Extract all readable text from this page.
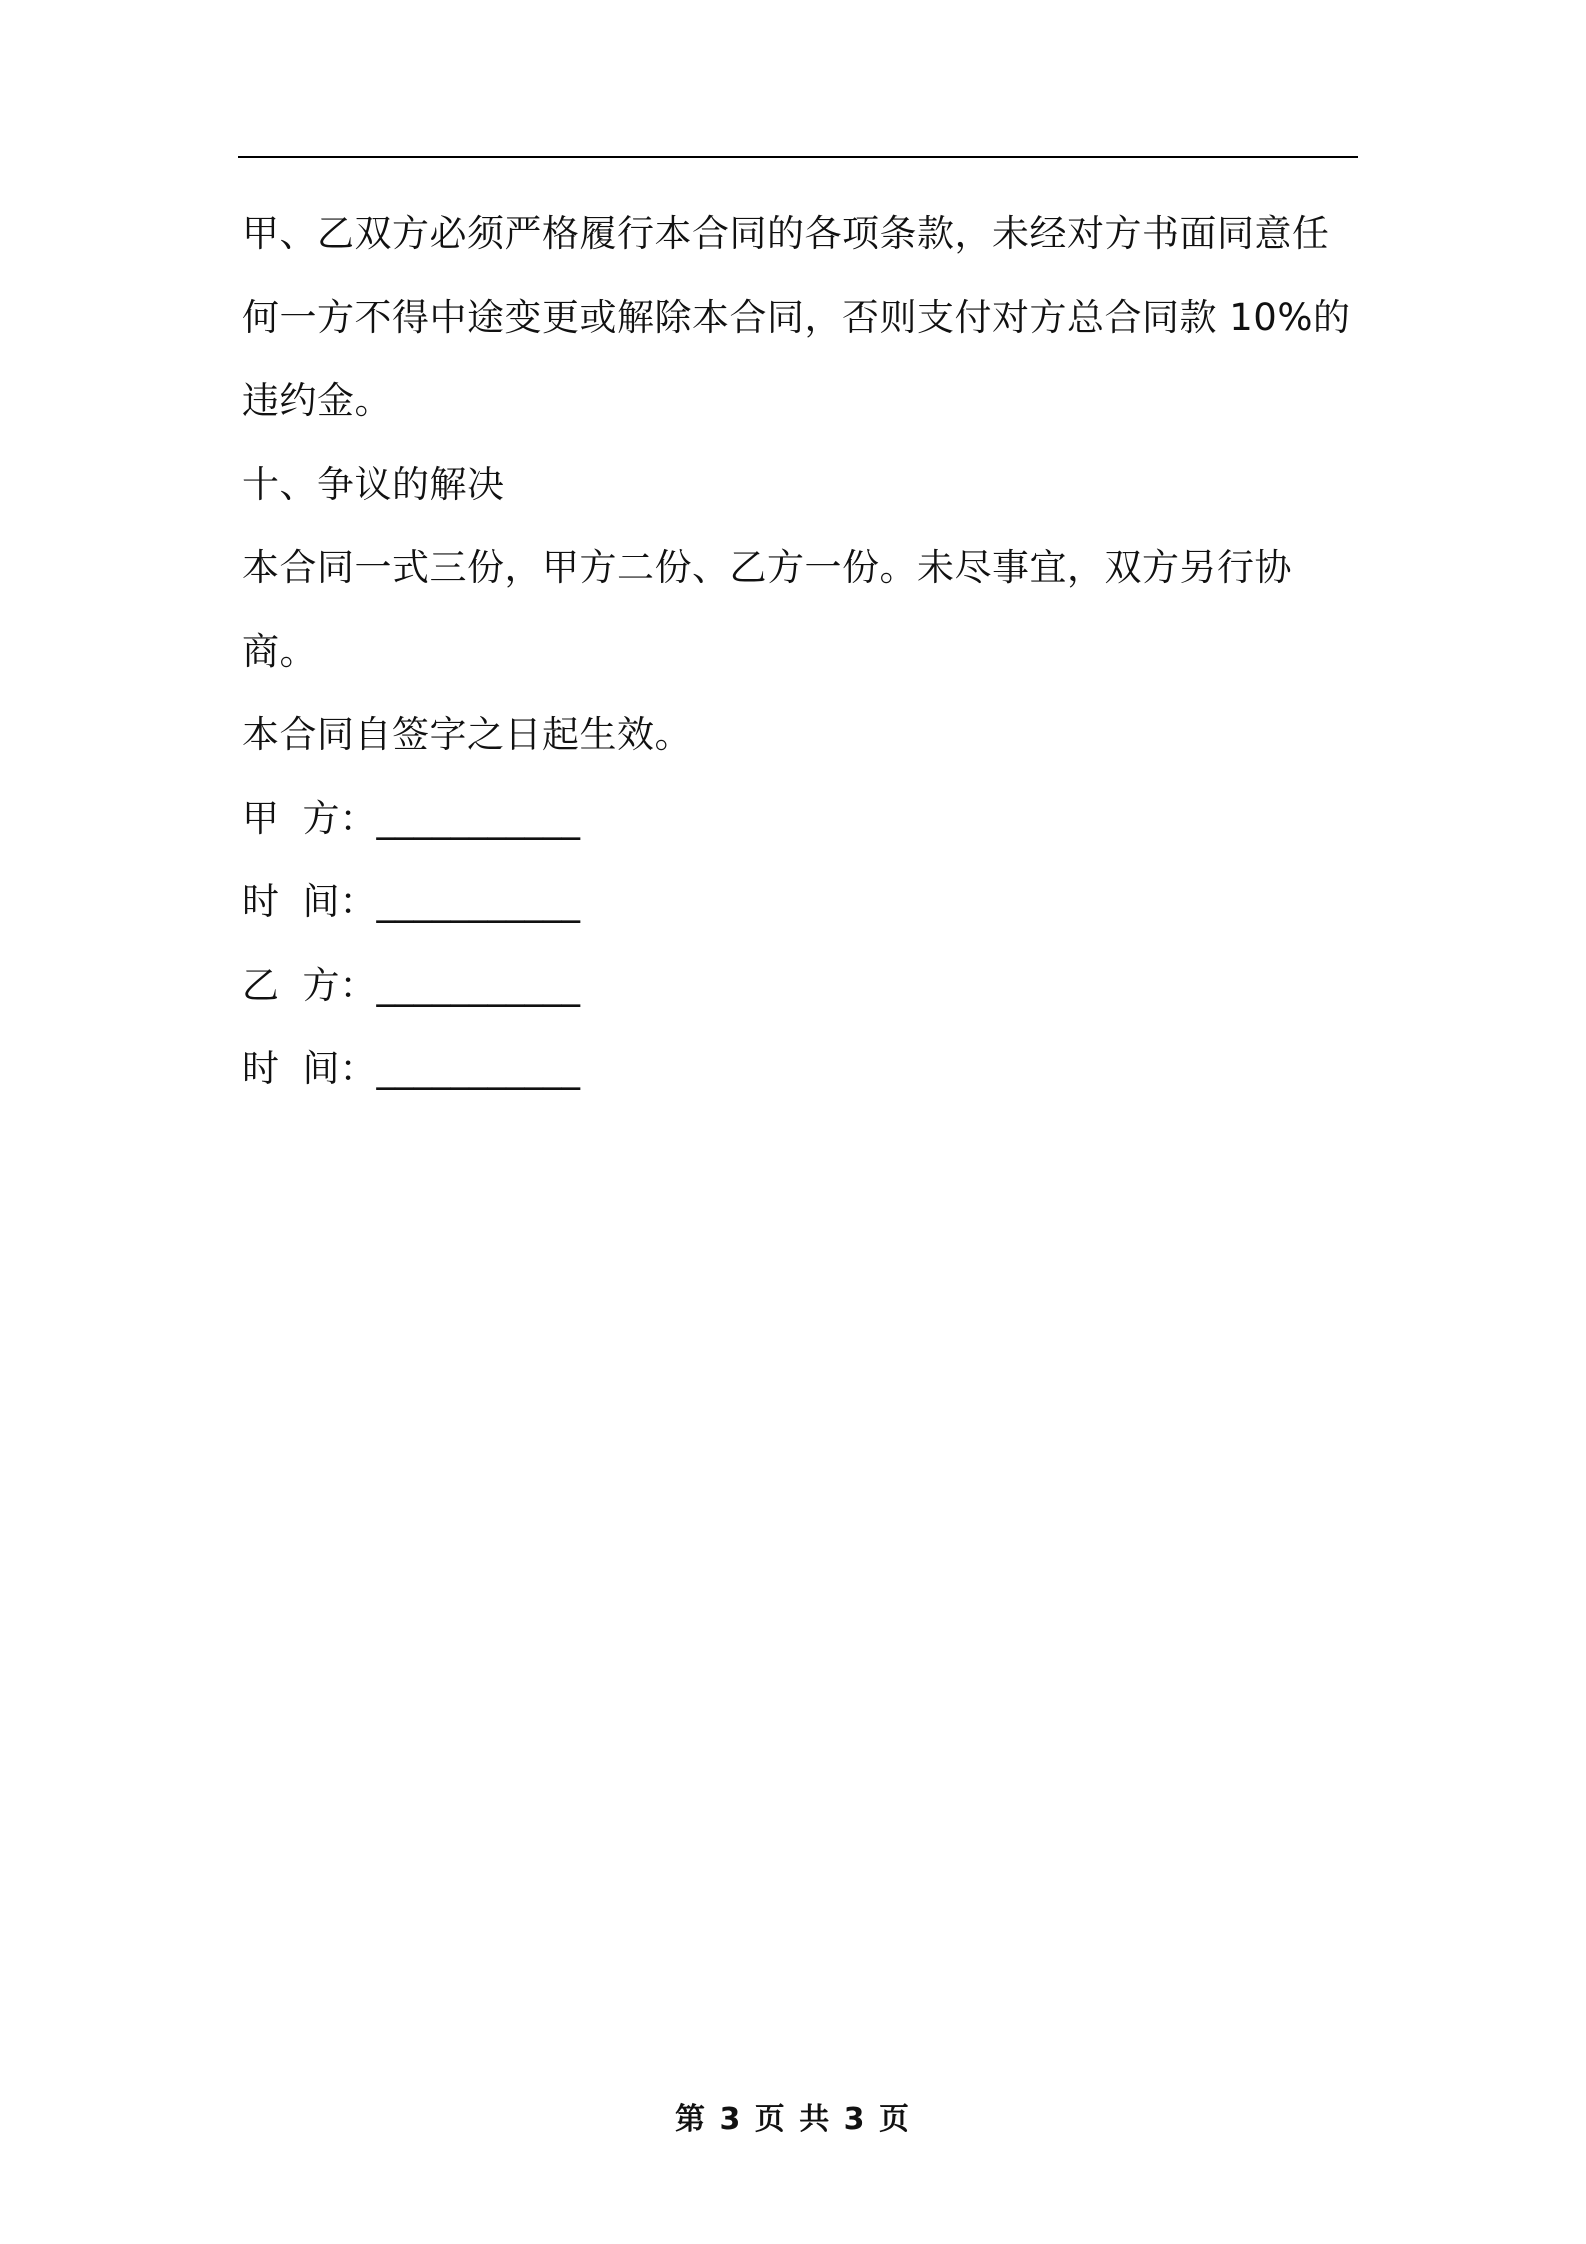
甲、乙双方必须严格履行本合同的各项条款，未经对方书面同意任何一方不得中途变更或解除本合同，否则支付对方总合同款 10%的违约金。

十、争议的解决

本合同一式三份，甲方二份、乙方一份。未尽事宜，双方另行协商。

本合同自签字之日起生效。

甲  方：___________

时  间：___________

乙  方：___________

时  间：___________

第 3 页 共 3 页
